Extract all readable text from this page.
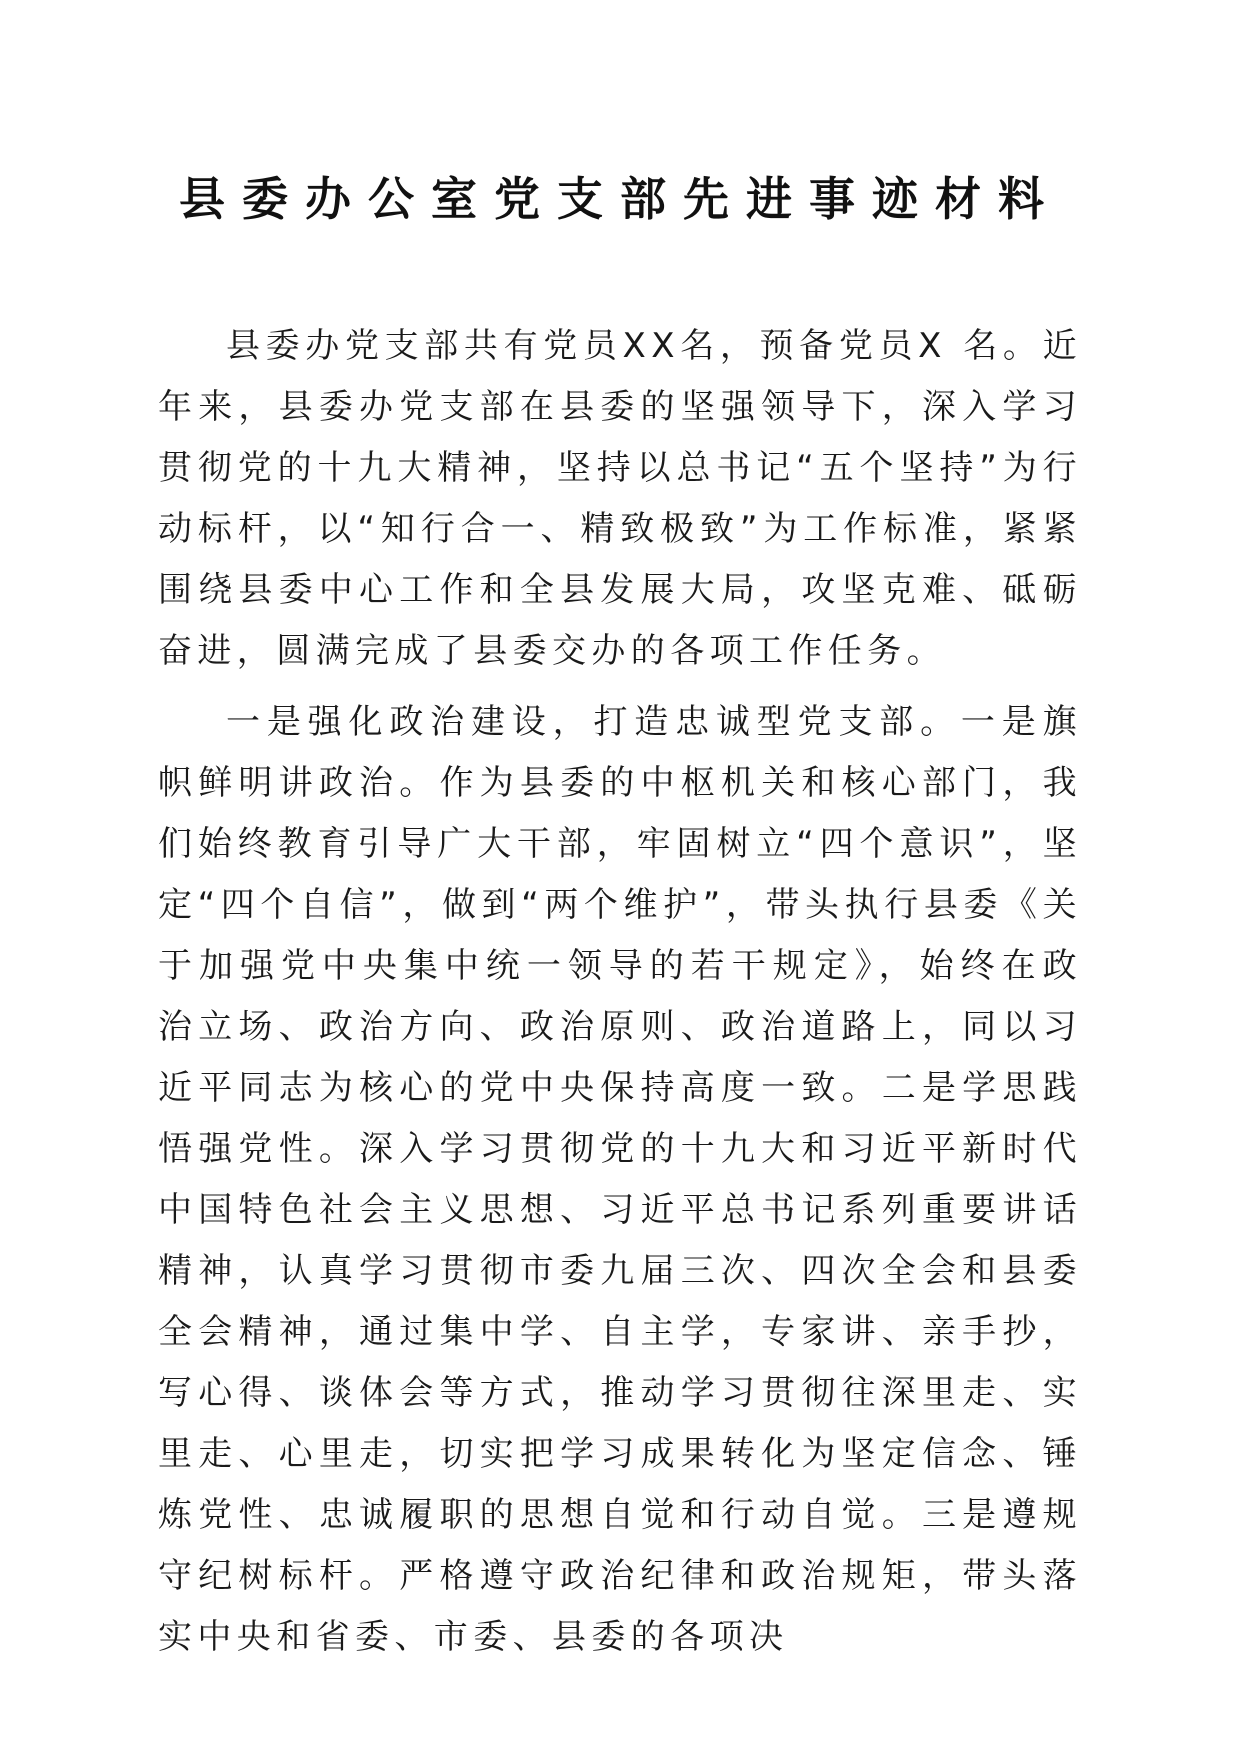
县委办公室党支部先进事迹材料

县委办党支部共有党员XX名，预备党员X 名。近年来，县委办党支部在县委的坚强领导下，深入学习贯彻党的十九大精神，坚持以总书记“五个坚持”为行动标杆，以“知行合一、精致极致”为工作标准，紧紧围绕县委中心工作和全县发展大局，攻坚克难、砥砺奋进，圆满完成了县委交办的各项工作任务。

一是强化政治建设，打造忠诚型党支部。一是旗帜鲜明讲政治。作为县委的中枢机关和核心部门，我们始终教育引导广大干部，牢固树立“四个意识”，坚定“四个自信”，做到“两个维护”，带头执行县委《关于加强党中央集中统一领导的若干规定》，始终在政治立场、政治方向、政治原则、政治道路上，同以习近平同志为核心的党中央保持高度一致。二是学思践悟强党性。深入学习贯彻党的十九大和习近平新时代中国特色社会主义思想、习近平总书记系列重要讲话精神，认真学习贯彻市委九届三次、四次全会和县委全会精神，通过集中学、自主学，专家讲、亲手抄，写心得、谈体会等方式，推动学习贯彻往深里走、实里走、心里走，切实把学习成果转化为坚定信念、锤炼党性、忠诚履职的思想自觉和行动自觉。三是遵规守纪树标杆。严格遵守政治纪律和政治规矩，带头落实中央和省委、市委、县委的各项决
